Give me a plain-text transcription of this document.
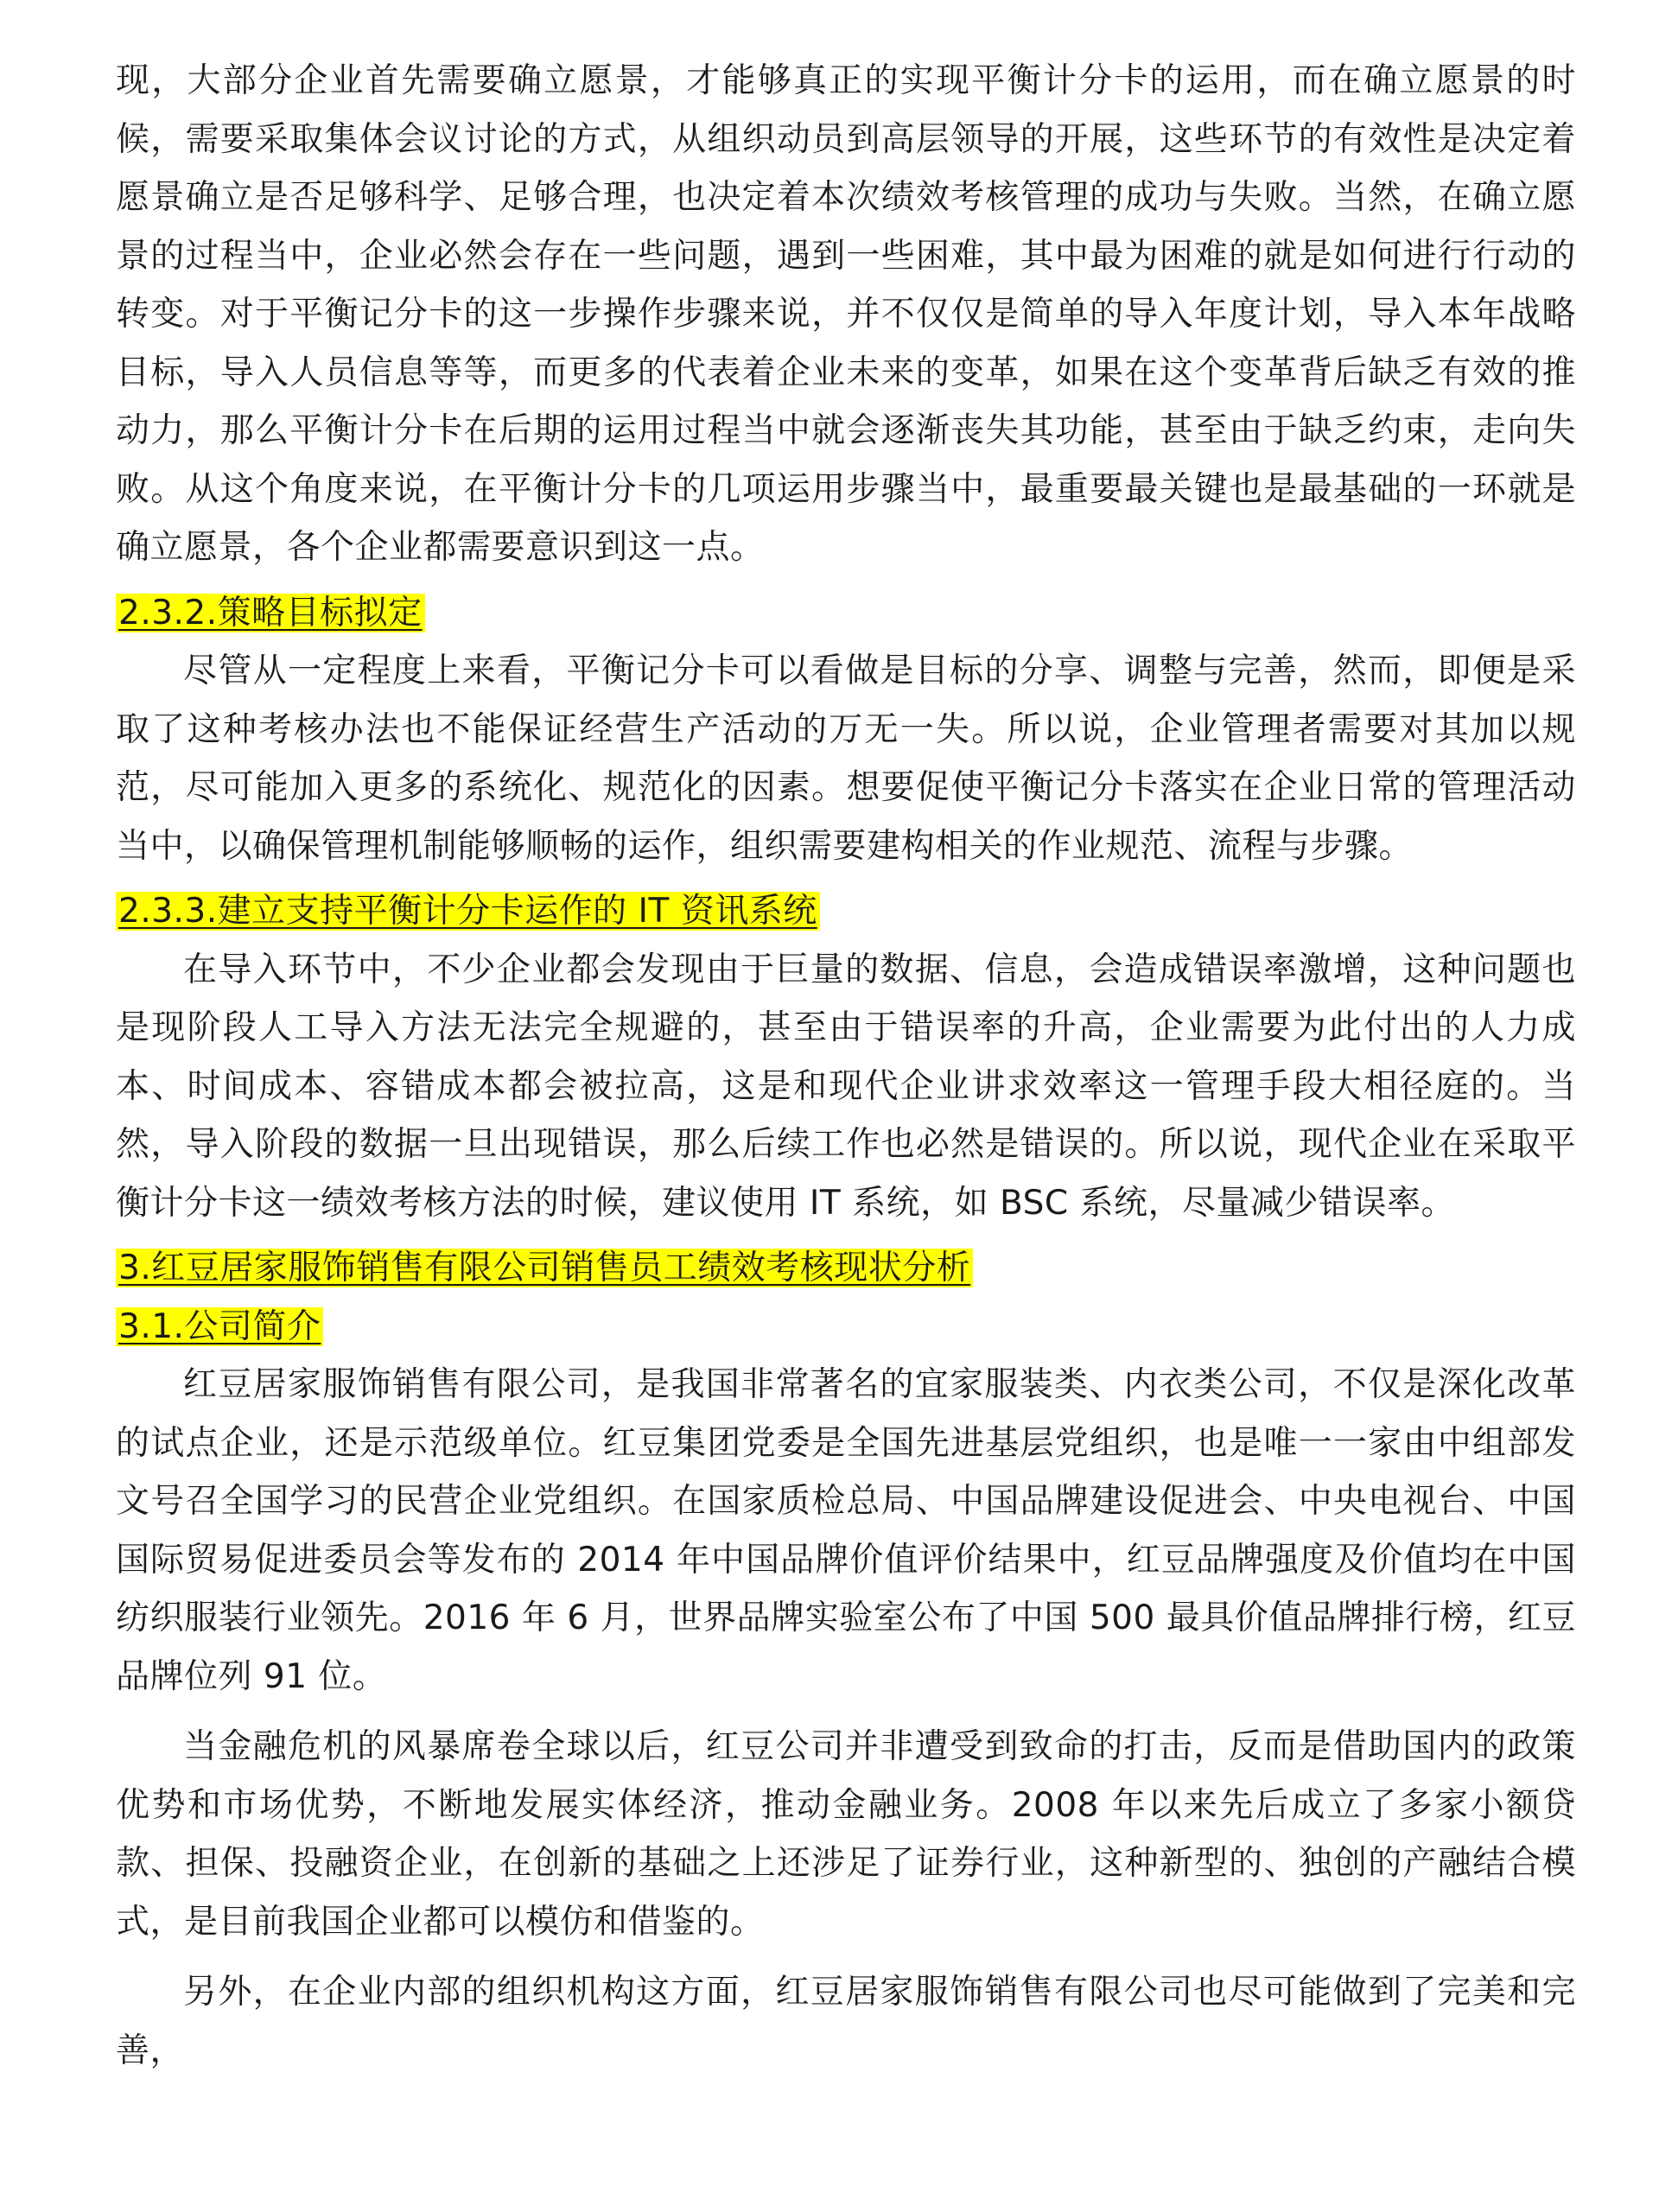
现，大部分企业首先需要确立愿景，才能够真正的实现平衡计分卡的运用，而在确立愿景的时候，需要采取集体会议讨论的方式，从组织动员到高层领导的开展，这些环节的有效性是决定着愿景确立是否足够科学、足够合理，也决定着本次绩效考核管理的成功与失败。当然，在确立愿景的过程当中，企业必然会存在一些问题，遇到一些困难，其中最为困难的就是如何进行行动的转变。对于平衡记分卡的这一步操作步骤来说，并不仅仅是简单的导入年度计划，导入本年战略目标，导入人员信息等等，而更多的代表着企业未来的变革，如果在这个变革背后缺乏有效的推动力，那么平衡计分卡在后期的运用过程当中就会逐渐丧失其功能，甚至由于缺乏约束，走向失败。从这个角度来说，在平衡计分卡的几项运用步骤当中，最重要最关键也是最基础的一环就是确立愿景，各个企业都需要意识到这一点。

2.3.2.策略目标拟定

尽管从一定程度上来看，平衡记分卡可以看做是目标的分享、调整与完善，然而，即便是采取了这种考核办法也不能保证经营生产活动的万无一失。所以说，企业管理者需要对其加以规范，尽可能加入更多的系统化、规范化的因素。想要促使平衡记分卡落实在企业日常的管理活动当中，以确保管理机制能够顺畅的运作，组织需要建构相关的作业规范、流程与步骤。

2.3.3.建立支持平衡计分卡运作的 IT 资讯系统

在导入环节中，不少企业都会发现由于巨量的数据、信息，会造成错误率激增，这种问题也是现阶段人工导入方法无法完全规避的，甚至由于错误率的升高，企业需要为此付出的人力成本、时间成本、容错成本都会被拉高，这是和现代企业讲求效率这一管理手段大相径庭的。当然，导入阶段的数据一旦出现错误，那么后续工作也必然是错误的。所以说，现代企业在采取平衡计分卡这一绩效考核方法的时候，建议使用 IT 系统，如 BSC 系统，尽量减少错误率。

3.红豆居家服饰销售有限公司销售员工绩效考核现状分析

3.1.公司简介

红豆居家服饰销售有限公司，是我国非常著名的宜家服装类、内衣类公司，不仅是深化改革的试点企业，还是示范级单位。红豆集团党委是全国先进基层党组织，也是唯一一家由中组部发文号召全国学习的民营企业党组织。在国家质检总局、中国品牌建设促进会、中央电视台、中国国际贸易促进委员会等发布的 2014 年中国品牌价值评价结果中，红豆品牌强度及价值均在中国纺织服装行业领先。2016 年 6 月，世界品牌实验室公布了中国 500 最具价值品牌排行榜，红豆品牌位列 91 位。

当金融危机的风暴席卷全球以后，红豆公司并非遭受到致命的打击，反而是借助国内的政策优势和市场优势，不断地发展实体经济，推动金融业务。2008 年以来先后成立了多家小额贷款、担保、投融资企业，在创新的基础之上还涉足了证券行业，这种新型的、独创的产融结合模式，是目前我国企业都可以模仿和借鉴的。

另外，在企业内部的组织机构这方面，红豆居家服饰销售有限公司也尽可能做到了完美和完善，
